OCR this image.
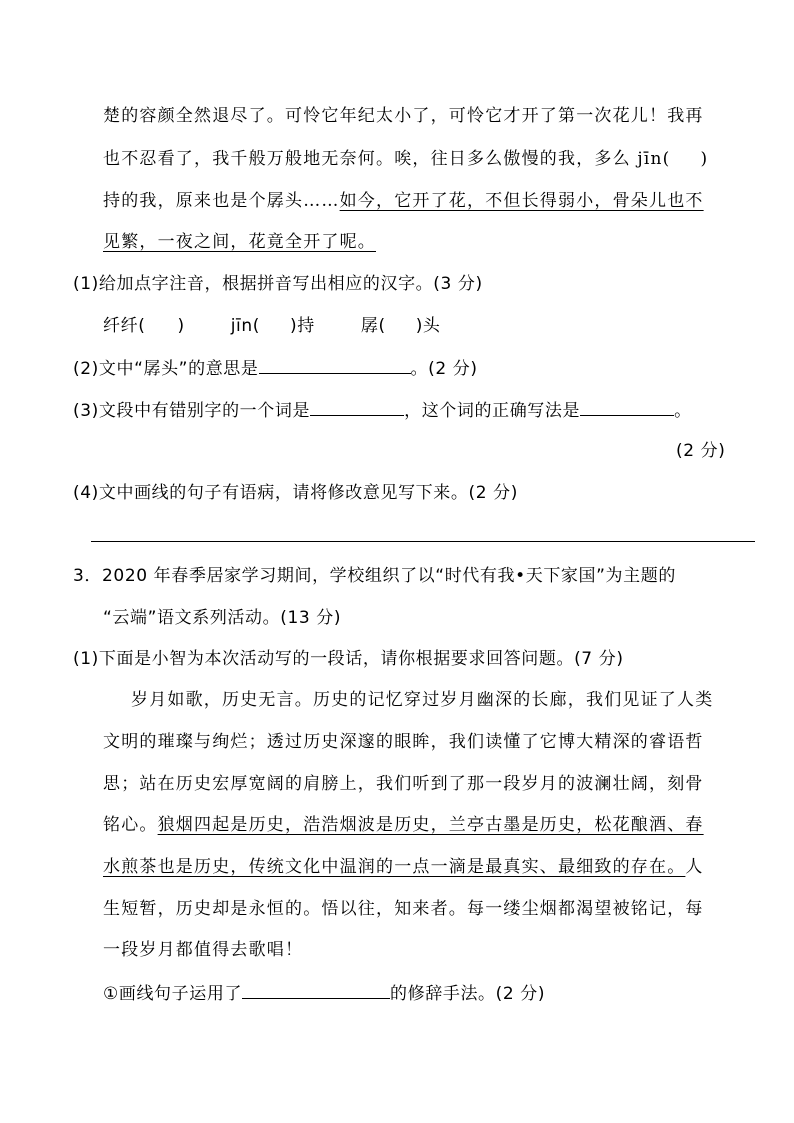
楚的容颜全然退尽了。可怜它年纪太小了，可怜它才开了第一次花儿！我再
也不忍看了，我千般万般地无奈何。唉，往日多么傲慢的我，多么 jīn( )
持的我，原来也是个孱头……如今，它开了花，不但长得弱小，骨朵儿也不
见繁，一夜之间，花竟全开了呢。
(1)给加点字注音，根据拼音写出相应的汉字。(3 分)
纤纤( )	jīn( )持	孱( )头
(2)文中“孱头”的意思是	。(2 分)
(3)文段中有错别字的一个词是	，这个词的正确写法是	。
(2 分)
(4)文中画线的句子有语病，请将修改意见写下来。(2 分)
3．2020 年春季居家学习期间，学校组织了以“时代有我•天下家国”为主题的
“云端”语文系列活动。(13 分)
(1)下面是小智为本次活动写的一段话，请你根据要求回答问题。(7 分)
岁月如歌，历史无言。历史的记忆穿过岁月幽深的长廊，我们见证了人类
文明的璀璨与绚烂；透过历史深邃的眼眸，我们读懂了它博大精深的睿语哲
思；站在历史宏厚宽阔的肩膀上，我们听到了那一段岁月的波澜壮阔，刻骨
铭心。狼烟四起是历史，浩浩烟波是历史，兰亭古墨是历史，松花酿酒、春
水煎茶也是历史，传统文化中温润的一点一滴是最真实、最细致的存在。人
生短暂，历史却是永恒的。悟以往，知来者。每一缕尘烟都渴望被铭记，每
一段岁月都值得去歌唱！
①画线句子运用了	的修辞手法。(2 分)
